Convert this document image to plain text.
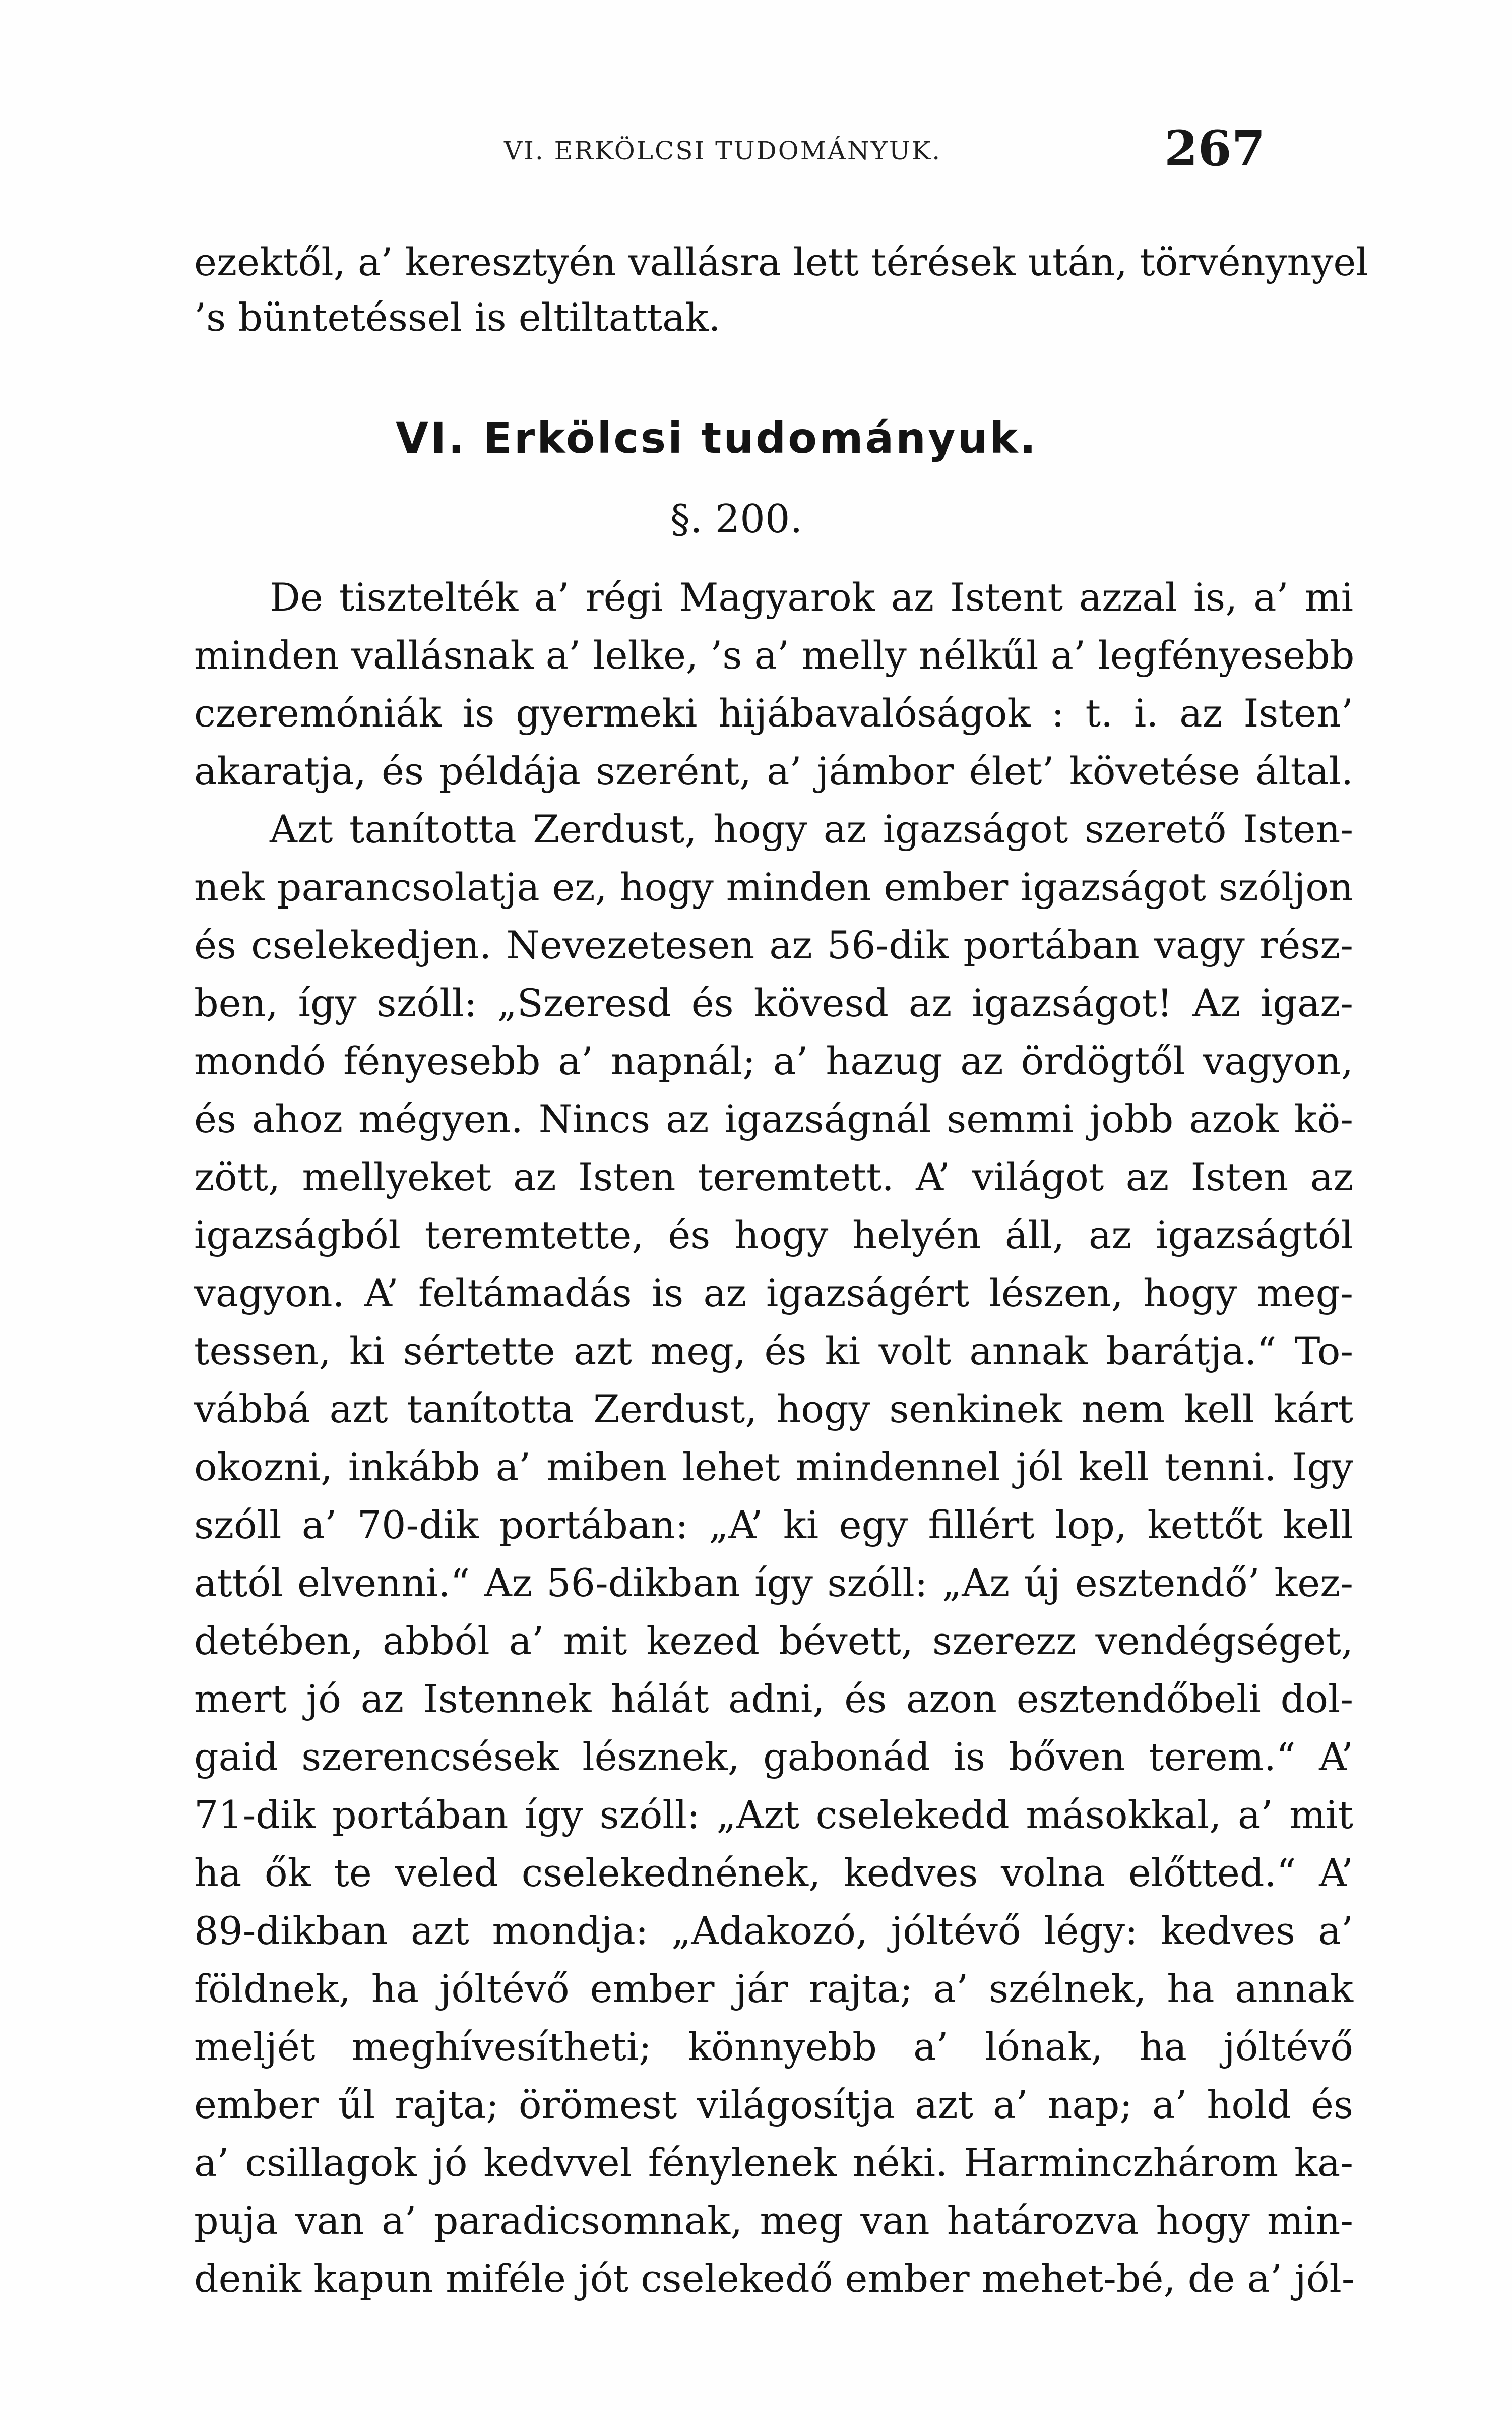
VI. ERKÖLCSI TUDOMÁNYUK.	267
ezektől, a’ keresztyén vallásra lett térések után, törvénynyel
’s büntetéssel is eltiltattak.
VI. Erkölcsi tudományuk.
§. 200.
De tisztelték a’ régi Magyarok az Istent azzal is, a’ mi
minden vallásnak a’ lelke, ’s a’ melly nélkűl a’ legfényesebb
czeremóniák is gyermeki hijábavalóságok : t. i. az Isten’
akaratja, és példája szerént, a’ jámbor élet’ követése által.
Azt tanította Zerdust, hogy az igazságot szerető Isten-
nek parancsolatja ez, hogy minden ember igazságot szóljon
és cselekedjen. Nevezetesen az 56-dik portában vagy rész-
ben, így szóll: „Szeresd és kövesd az igazságot! Az igaz-
mondó fényesebb a’ napnál; a’ hazug az ördögtől vagyon,
és ahoz mégyen. Nincs az igazságnál semmi jobb azok kö-
zött, mellyeket az Isten teremtett. A’ világot az Isten az
igazságból teremtette, és hogy helyén áll, az igazságtól
vagyon. A’ feltámadás is az igazságért lészen, hogy meg-
tessen, ki sértette azt meg, és ki volt annak barátja.“ To-
vábbá azt tanította Zerdust, hogy senkinek nem kell kárt
okozni, inkább a’ miben lehet mindennel jól kell tenni. Igy
szóll a’ 70-dik portában: „A’ ki egy fillért lop, kettőt kell
attól elvenni.“ Az 56-dikban így szóll: „Az új esztendő’ kez-
detében, abból a’ mit kezed bévett, szerezz vendégséget,
mert jó az Istennek hálát adni, és azon esztendőbeli dol-
gaid szerencsések lésznek, gabonád is bőven terem.“ A’
71-dik portában így szóll: „Azt cselekedd másokkal, a’ mit
ha ők te veled cselekednének, kedves volna előtted.“ A’
89-dikban azt mondja: „Adakozó, jóltévő légy: kedves a’
földnek, ha jóltévő ember jár rajta; a’ szélnek, ha annak
meljét meghívesítheti; könnyebb a’ lónak, ha jóltévő
ember űl rajta; örömest világosítja azt a’ nap; a’ hold és
a’ csillagok jó kedvvel fénylenek néki. Harminczhárom ka-
puja van a’ paradicsomnak, meg van határozva hogy min-
denik kapun miféle jót cselekedő ember mehet-bé, de a’ jól-
